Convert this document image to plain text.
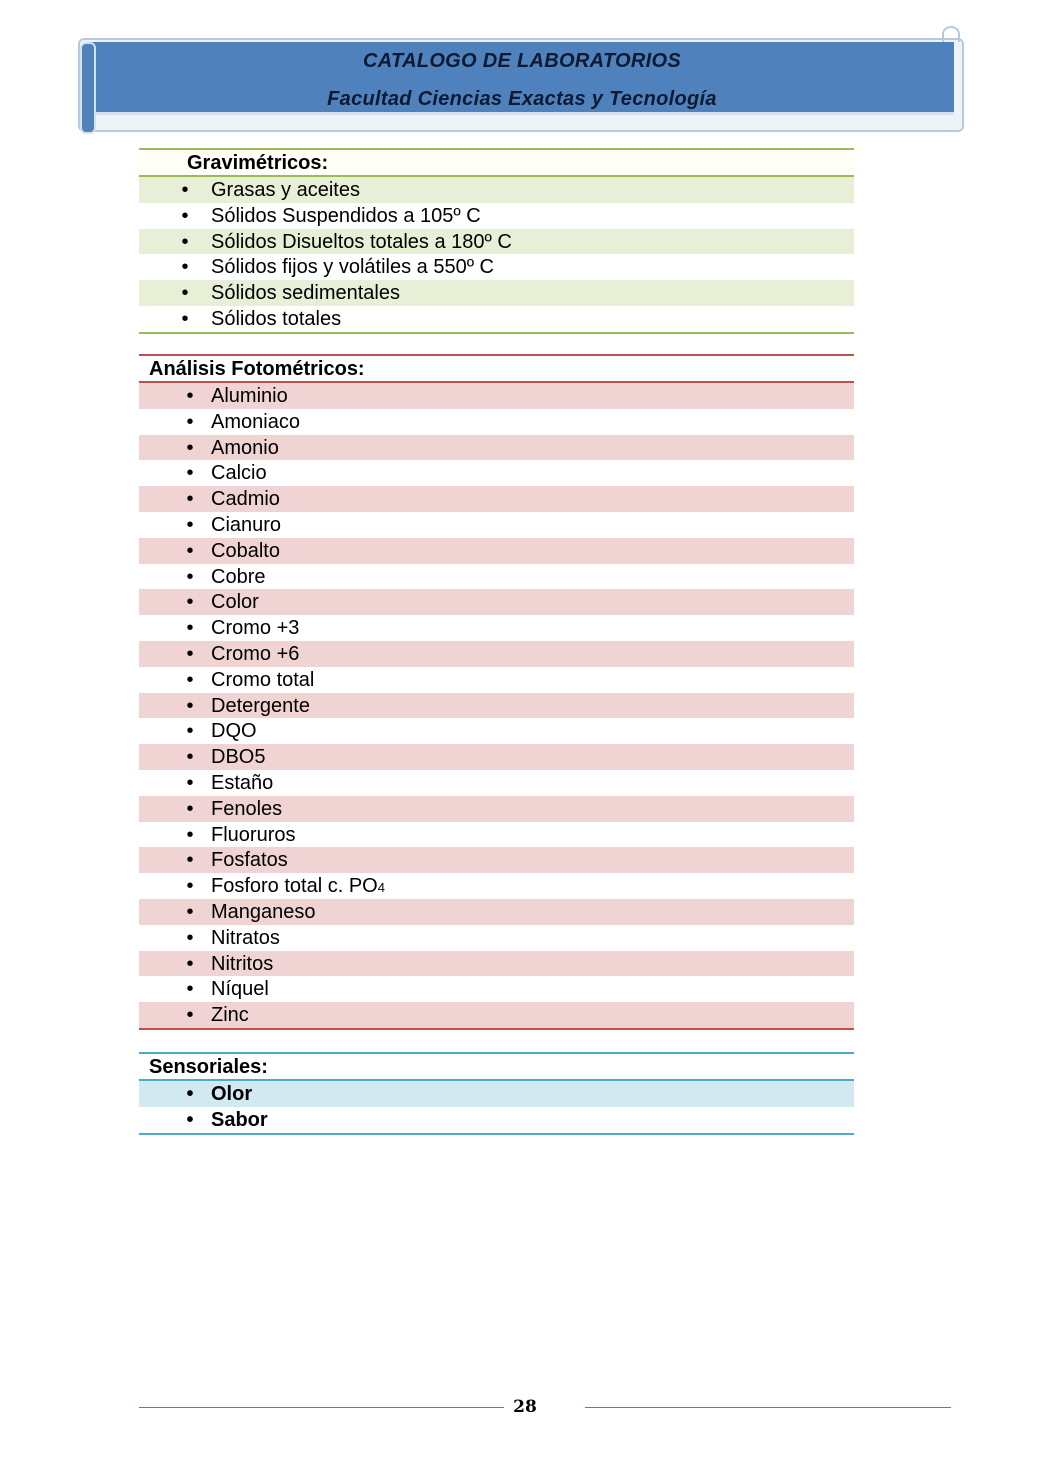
CATALOGO DE LABORATORIOS
Facultad Ciencias Exactas y Tecnología
Gravimétricos:
•	Grasas y aceites
•	Sólidos Suspendidos a 105º C
•	Sólidos Disueltos totales a 180º C
•	Sólidos fijos y volátiles a 550º C
•	Sólidos sedimentales
•	Sólidos totales
Análisis Fotométricos:
• Aluminio
• Amoniaco
• Amonio
• Calcio
• Cadmio
• Cianuro
• Cobalto
• Cobre
• Color
• Cromo +3
• Cromo +6
• Cromo total
• Detergente
• DQO
• DBO5
• Estaño
• Fenoles
• Fluoruros
• Fosfatos
• Fosforo total c. PO4
• Manganeso
• Nitratos
• Nitritos
• Níquel
• Zinc
Sensoriales:
• Olor
• Sabor
28
